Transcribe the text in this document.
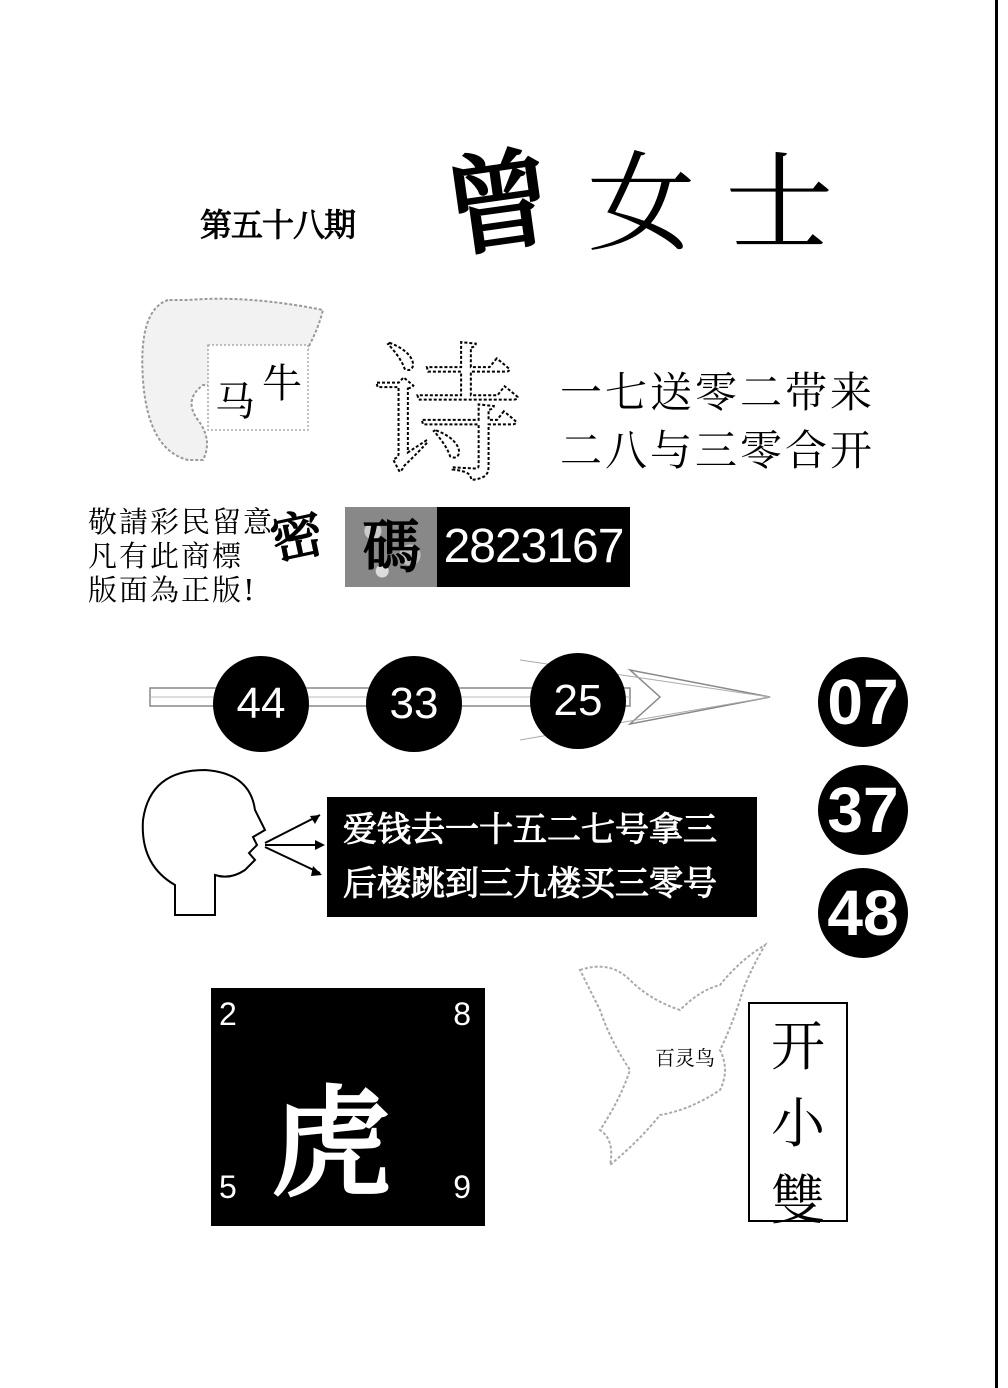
第五十八期 曾 女士
马 牛 诗 一七送零二带来
二八与三零合开
敬請彩民留意
凡有此商標
版面為正版!
密 碼 2823167
44	33	25	07
37
48
爱钱去一十五二七号拿三
后楼跳到三九楼买三零号
2	8
虎
5	9
百灵鸟 开
小
雙
